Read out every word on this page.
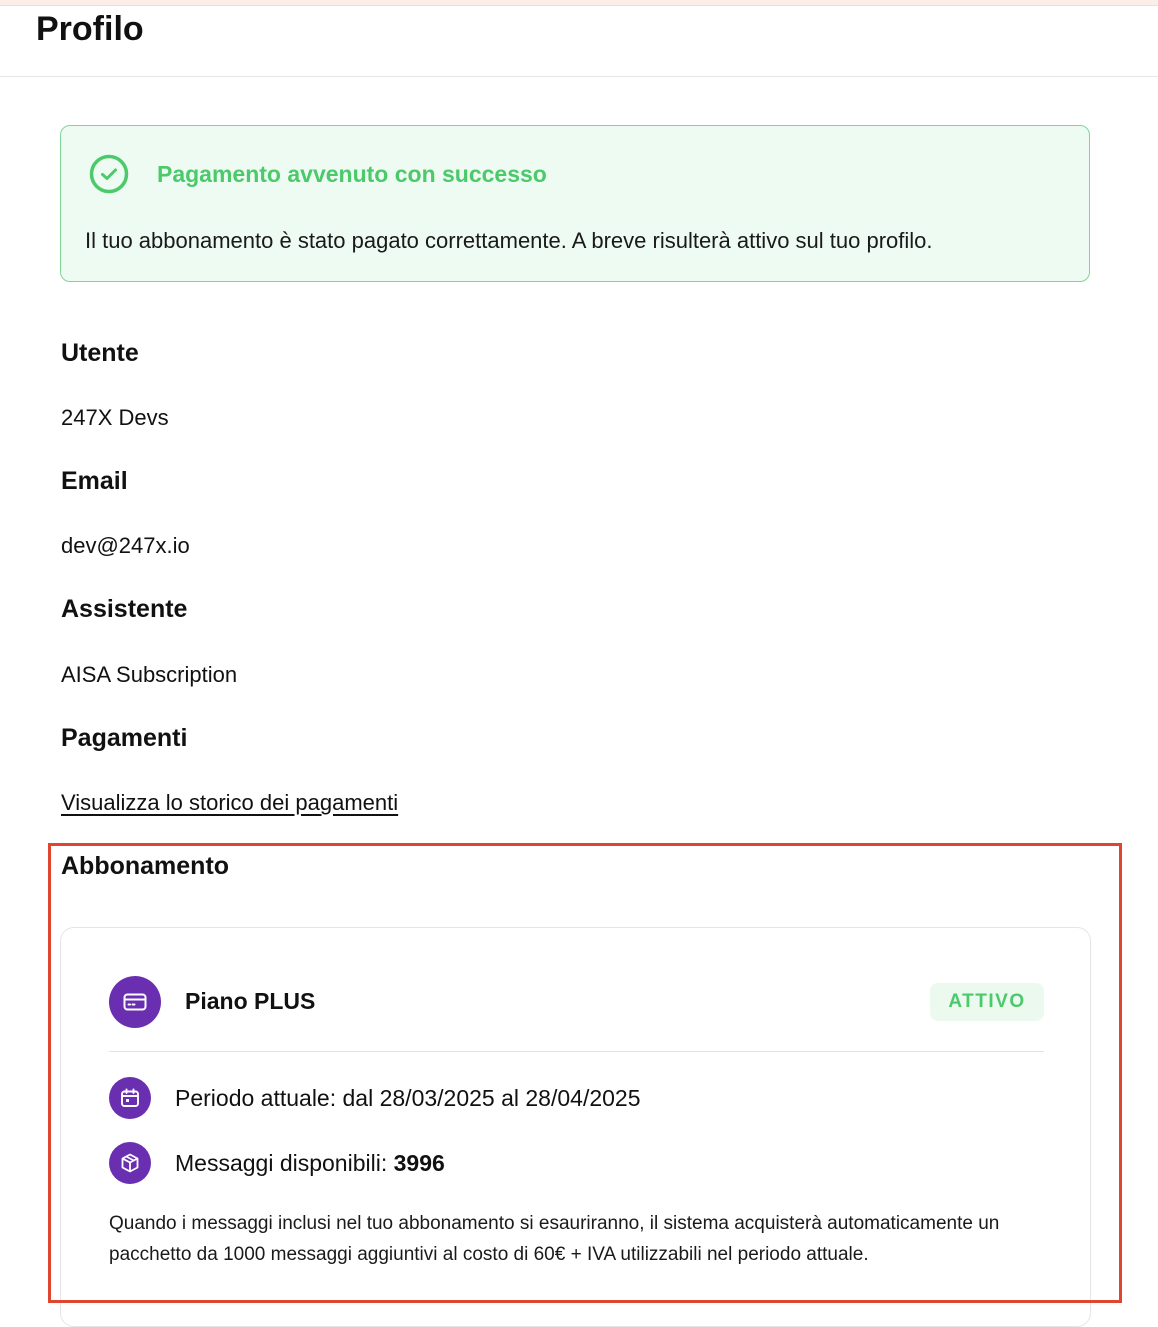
Profilo
Pagamento avvenuto con successo
Il tuo abbonamento è stato pagato correttamente. A breve risulterà attivo sul tuo profilo.
Utente
247X Devs
Email
dev@247x.io
Assistente
AISA Subscription
Pagamenti
Visualizza lo storico dei pagamenti
Abbonamento
Piano PLUS	ATTIVO
Periodo attuale: dal 28/03/2025 al 28/04/2025
Messaggi disponibili: 3996
Quando i messaggi inclusi nel tuo abbonamento si esauriranno, il sistema acquisterà automaticamente un pacchetto da 1000 messaggi aggiuntivi al costo di 60€ + IVA utilizzabili nel periodo attuale.
